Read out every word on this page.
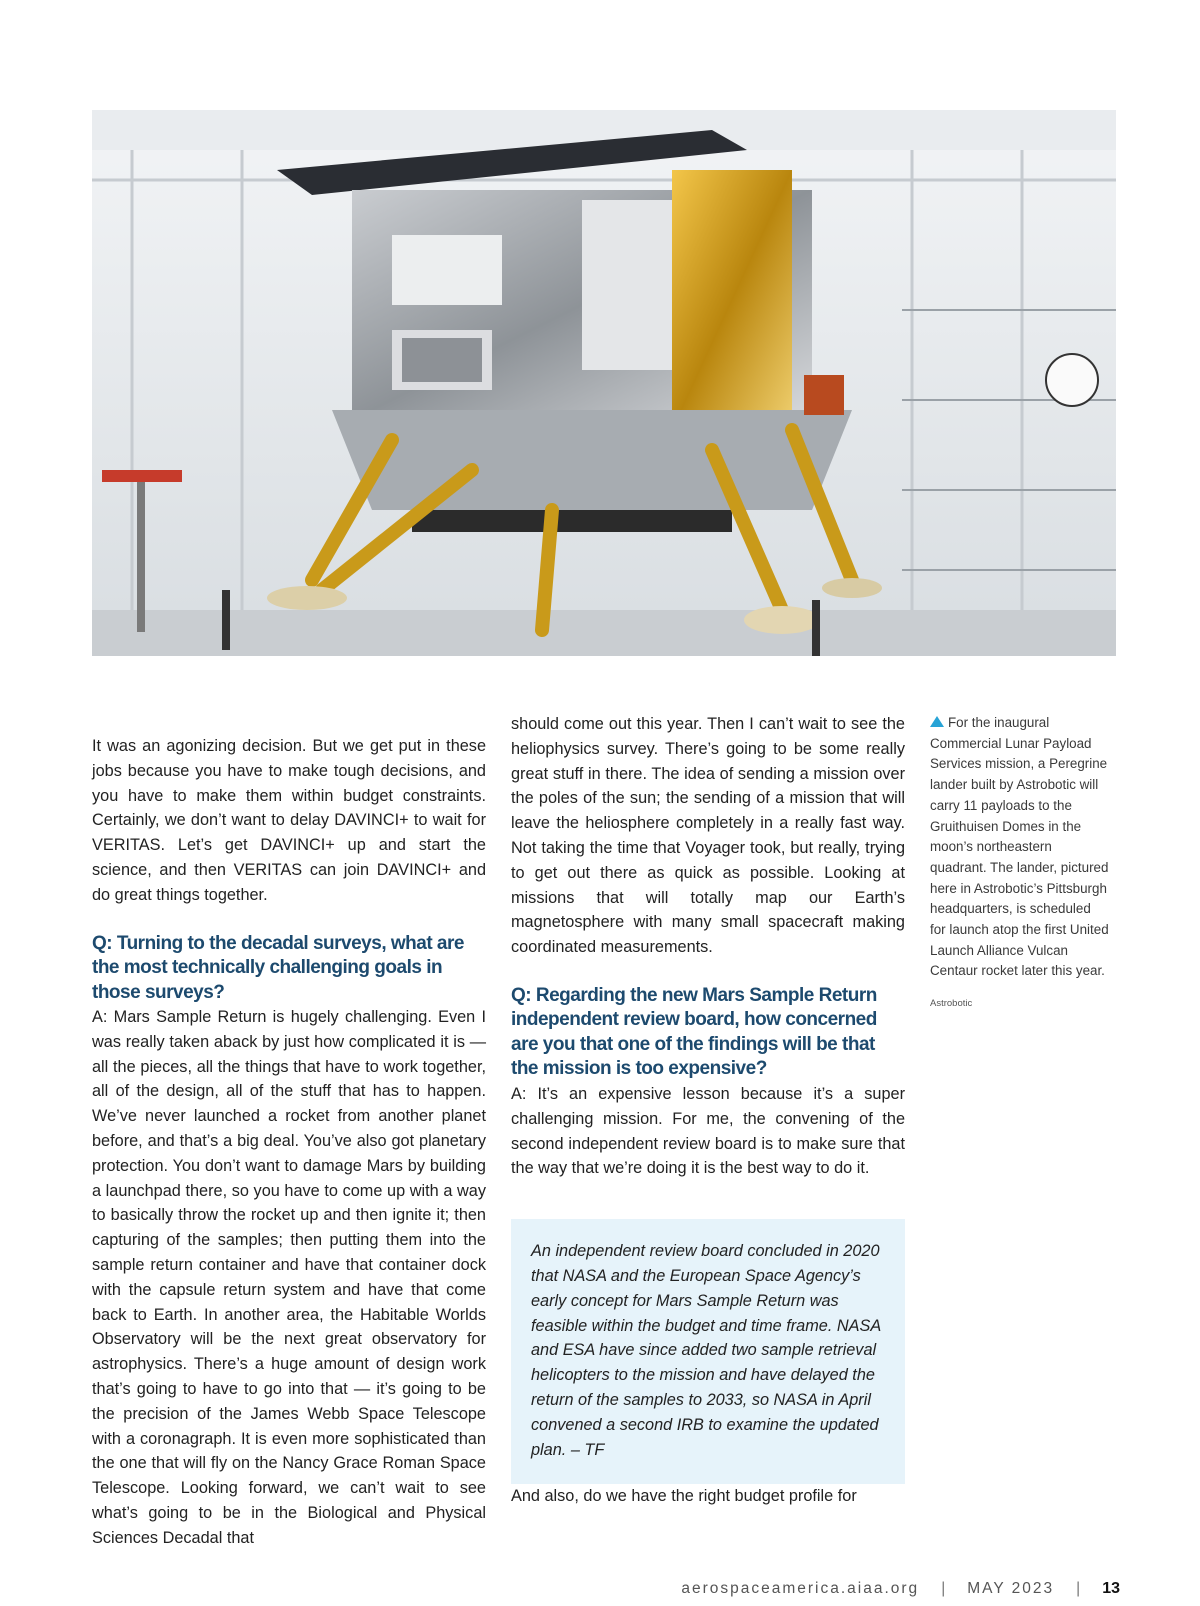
It was an agonizing decision. But we get put in these jobs because you have to make tough decisions, and you have to make them within budget constraints. Certainly, we don’t want to delay DAVINCI+ to wait for VERITAS. Let’s get DAVINCI+ up and start the science, and then VERITAS can join DAVINCI+ and do great things together.

Q: Turning to the decadal surveys, what are the most technically challenging goals in those surveys?

A: Mars Sample Return is hugely challenging. Even I was really taken aback by just how complicated it is — all the pieces, all the things that have to work together, all of the design, all of the stuff that has to happen. We’ve never launched a rocket from another planet before, and that’s a big deal. You’ve also got planetary protection. You don’t want to damage Mars by building a launchpad there, so you have to come up with a way to basically throw the rocket up and then ignite it; then capturing of the samples; then putting them into the sample return container and have that container dock with the capsule return system and have that come back to Earth. In another area, the Habitable Worlds Observatory will be the next great observatory for astrophysics. There’s a huge amount of design work that’s going to have to go into that — it’s going to be the precision of the James Webb Space Telescope with a coronagraph. It is even more sophisticated than the one that will fly on the Nancy Grace Roman Space Telescope. Looking forward, we can’t wait to see what’s going to be in the Biological and Physical Sciences Decadal that

should come out this year. Then I can’t wait to see the heliophysics survey. There’s going to be some really great stuff in there. The idea of sending a mission over the poles of the sun; the sending of a mission that will leave the heliosphere completely in a really fast way. Not taking the time that Voyager took, but really, trying to get out there as quick as possible. Looking at missions that will totally map our Earth’s magnetosphere with many small spacecraft making coordinated measurements.

Q: Regarding the new Mars Sample Return independent review board, how concerned are you that one of the findings will be that the mission is too expensive?

A: It’s an expensive lesson because it’s a super challenging mission. For me, the convening of the second independent review board is to make sure that the way that we’re doing it is the best way to do it.

An independent review board concluded in 2020 that NASA and the European Space Agency’s early concept for Mars Sample Return was feasible within the budget and time frame. NASA and ESA have since added two sample retrieval helicopters to the mission and have delayed the return of the samples to 2033, so NASA in April convened a second IRB to examine the updated plan. – TF

And also, do we have the right budget profile for

For the inaugural Commercial Lunar Payload Services mission, a Peregrine lander built by Astrobotic will carry 11 payloads to the Gruithuisen Domes in the moon’s northeastern quadrant. The lander, pictured here in Astrobotic’s Pittsburgh headquarters, is scheduled for launch atop the first United Launch Alliance Vulcan Centaur rocket later this year.
Astrobotic
aerospaceamerica.aiaa.org | MAY 2023 | 13
